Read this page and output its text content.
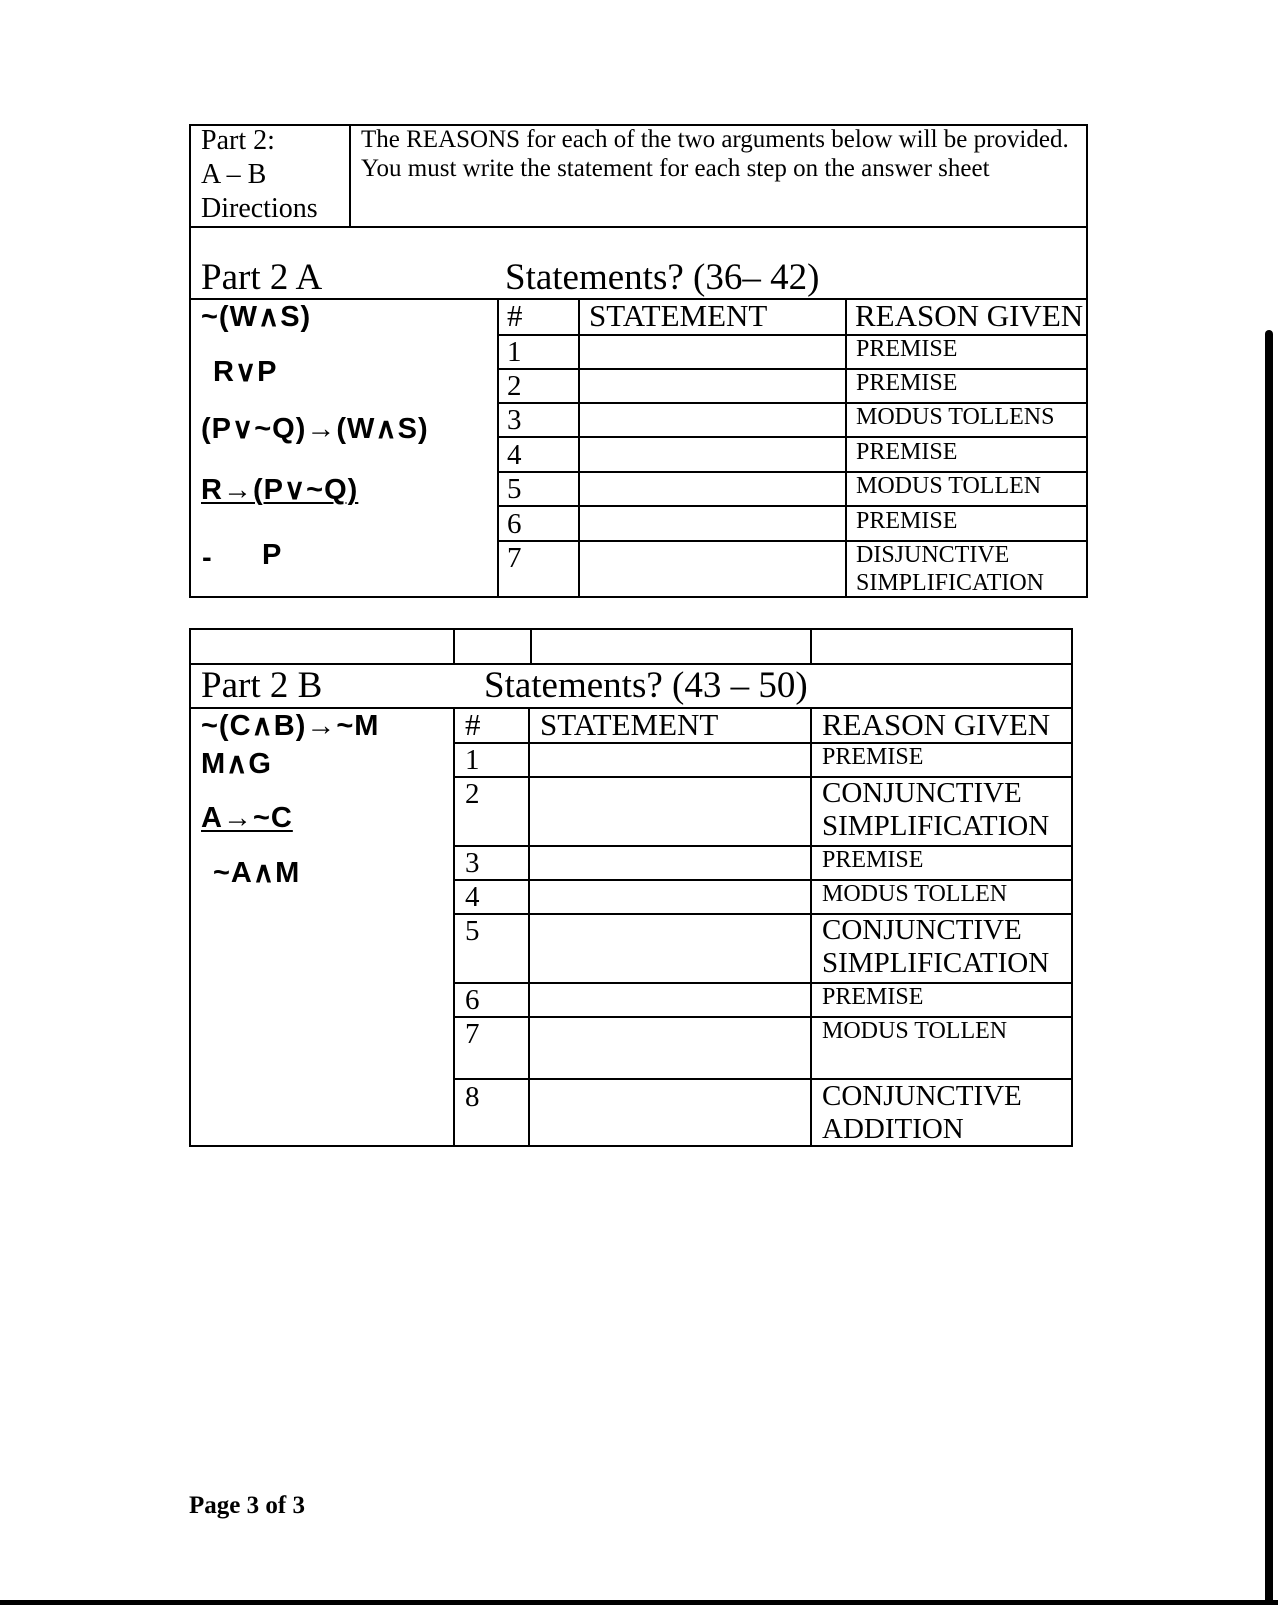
Part 2:
A – B
Directions
The REASONS for each of the two arguments below will be provided.
You must write the statement for each step on the answer sheet
Part 2 A	Statements? (36– 42)
# STATEMENT	REASON GIVEN
~(W∧S)
R∨P
(P∨~Q)→(W∧S)
R→(P∨~Q)
- P
1	PREMISE
2	PREMISE
3	MODUS TOLLENS
4	PREMISE
5	MODUS TOLLEN
6	PREMISE
7	DISJUNCTIVE
SIMPLIFICATION
Part 2 B	Statements? (43 – 50)
# STATEMENT	REASON GIVEN
~(C∧B)→~M
M∧G
A→~C
~A∧M
1	PREMISE
2	CONJUNCTIVE
SIMPLIFICATION
3	PREMISE
4	MODUS TOLLEN
5	CONJUNCTIVE
SIMPLIFICATION
6	PREMISE
7	MODUS TOLLEN
8	CONJUNCTIVE
ADDITION
Page 3 of 3
